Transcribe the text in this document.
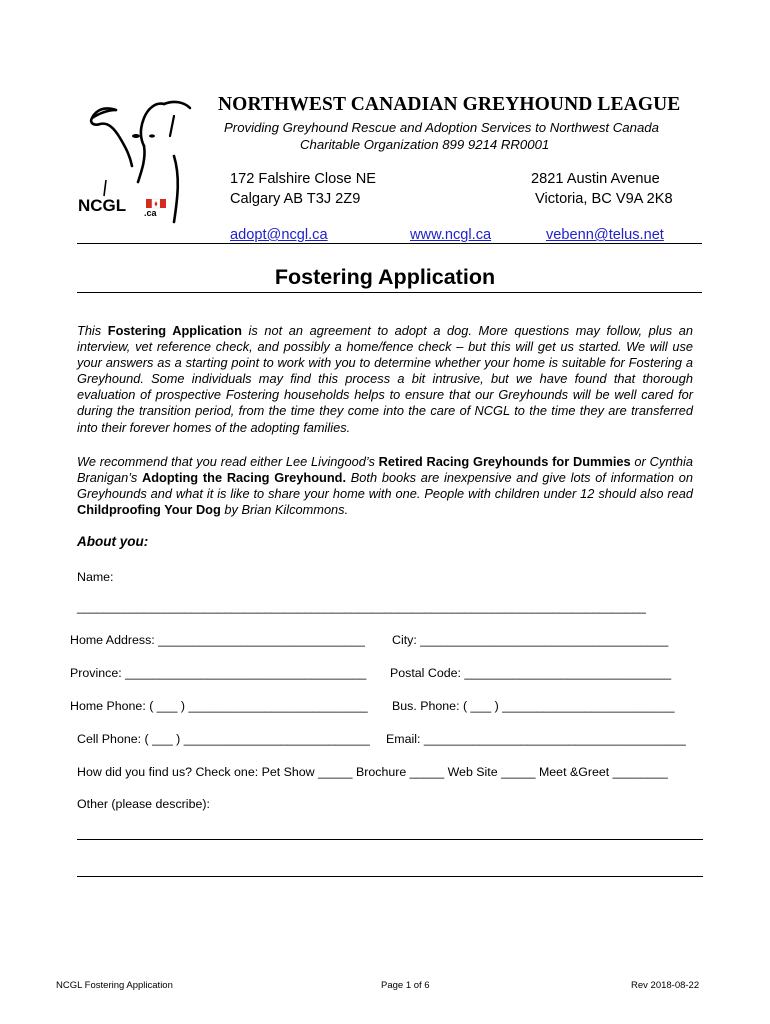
NCGL .ca
NORTHWEST CANADIAN GREYHOUND LEAGUE
Providing Greyhound Rescue and Adoption Services to Northwest Canada
Charitable Organization 899 9214 RR0001
172 Falshire Close NE
Calgary AB T3J 2Z9
2821 Austin Avenue
Victoria, BC V9A 2K8
adopt@ncgl.ca	www.ncgl.ca	vebenn@telus.net
Fostering Application
This Fostering Application is not an agreement to adopt a dog. More questions may follow, plus an interview, vet reference check, and possibly a home/fence check – but this will get us started. We will use your answers as a starting point to work with you to determine whether your home is suitable for Fostering a Greyhound. Some individuals may find this process a bit intrusive, but we have found that thorough evaluation of prospective Fostering households helps to ensure that our Greyhounds will be well cared for during the transition period, from the time they come into the care of NCGL to the time they are transferred into their forever homes of the adopting families.
We recommend that you read either Lee Livingood’s Retired Racing Greyhounds for Dummies or Cynthia Branigan’s Adopting the Racing Greyhound. Both books are inexpensive and give lots of information on Greyhounds and what it is like to share your home with one. People with children under 12 should also read Childproofing Your Dog by Brian Kilcommons.
About you:
Name:
_____________________________________________________________________________________
Home Address: ______________________________ City: ____________________________________
Province: ___________________________________ Postal Code: ______________________________
Home Phone: ( ___ ) __________________________ Bus. Phone: ( ___ ) _________________________
Cell Phone: ( ___ ) ___________________________ Email: ______________________________________
How did you find us? Check one: Pet Show _____ Brochure _____ Web Site _____ Meet &Greet ________
Other (please describe):
NCGL Fostering Application	Page 1 of 6	Rev 2018-08-22
